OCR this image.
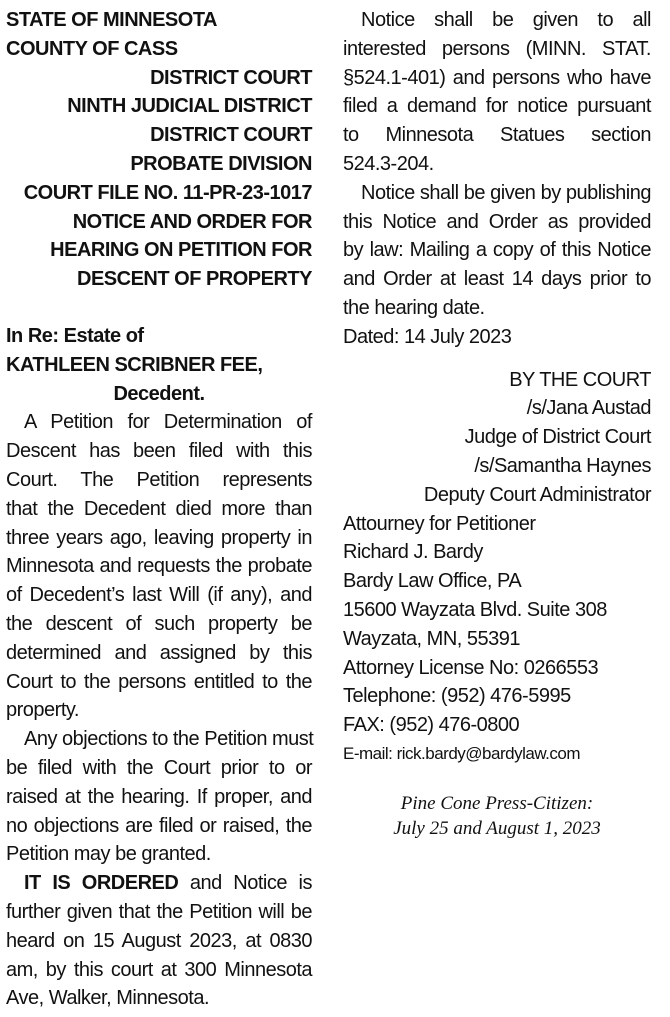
STATE OF MINNESOTA
COUNTY OF CASS
DISTRICT COURT
NINTH JUDICIAL DISTRICT
DISTRICT COURT
PROBATE DIVISION
COURT FILE NO. 11-PR-23-1017
NOTICE AND ORDER FOR
HEARING ON PETITION FOR
DESCENT OF PROPERTY
In Re: Estate of
KATHLEEN SCRIBNER FEE,
Decedent.
A Petition for Determination of
Descent has been filed with this
Court. The Petition represents
that the Decedent died more than
three years ago, leaving property in
Minnesota and requests the probate
of Decedent’s last Will (if any), and
the descent of such property be
determined and assigned by this
Court to the persons entitled to the
property.
Any objections to the Petition must
be filed with the Court prior to or
raised at the hearing. If proper, and
no objections are filed or raised, the
Petition may be granted.
IT IS ORDERED and Notice is
further given that the Petition will be
heard on 15 August 2023, at 0830
am, by this court at 300 Minnesota
Ave, Walker, Minnesota.
Notice shall be given to all
interested persons (MINN. STAT.
§524.1-401) and persons who have
filed a demand for notice pursuant
to Minnesota Statues section
524.3-204.
Notice shall be given by publishing
this Notice and Order as provided
by law: Mailing a copy of this Notice
and Order at least 14 days prior to
the hearing date.
Dated: 14 July 2023
BY THE COURT
/s/Jana Austad
Judge of District Court
/s/Samantha Haynes
Deputy Court Administrator
Attourney for Petitioner
Richard J. Bardy
Bardy Law Office, PA
15600 Wayzata Blvd. Suite 308
Wayzata, MN, 55391
Attorney License No: 0266553
Telephone: (952) 476-5995
FAX: (952) 476-0800
E-mail: rick.bardy@bardylaw.com
Pine Cone Press-Citizen:
July 25 and August 1, 2023
